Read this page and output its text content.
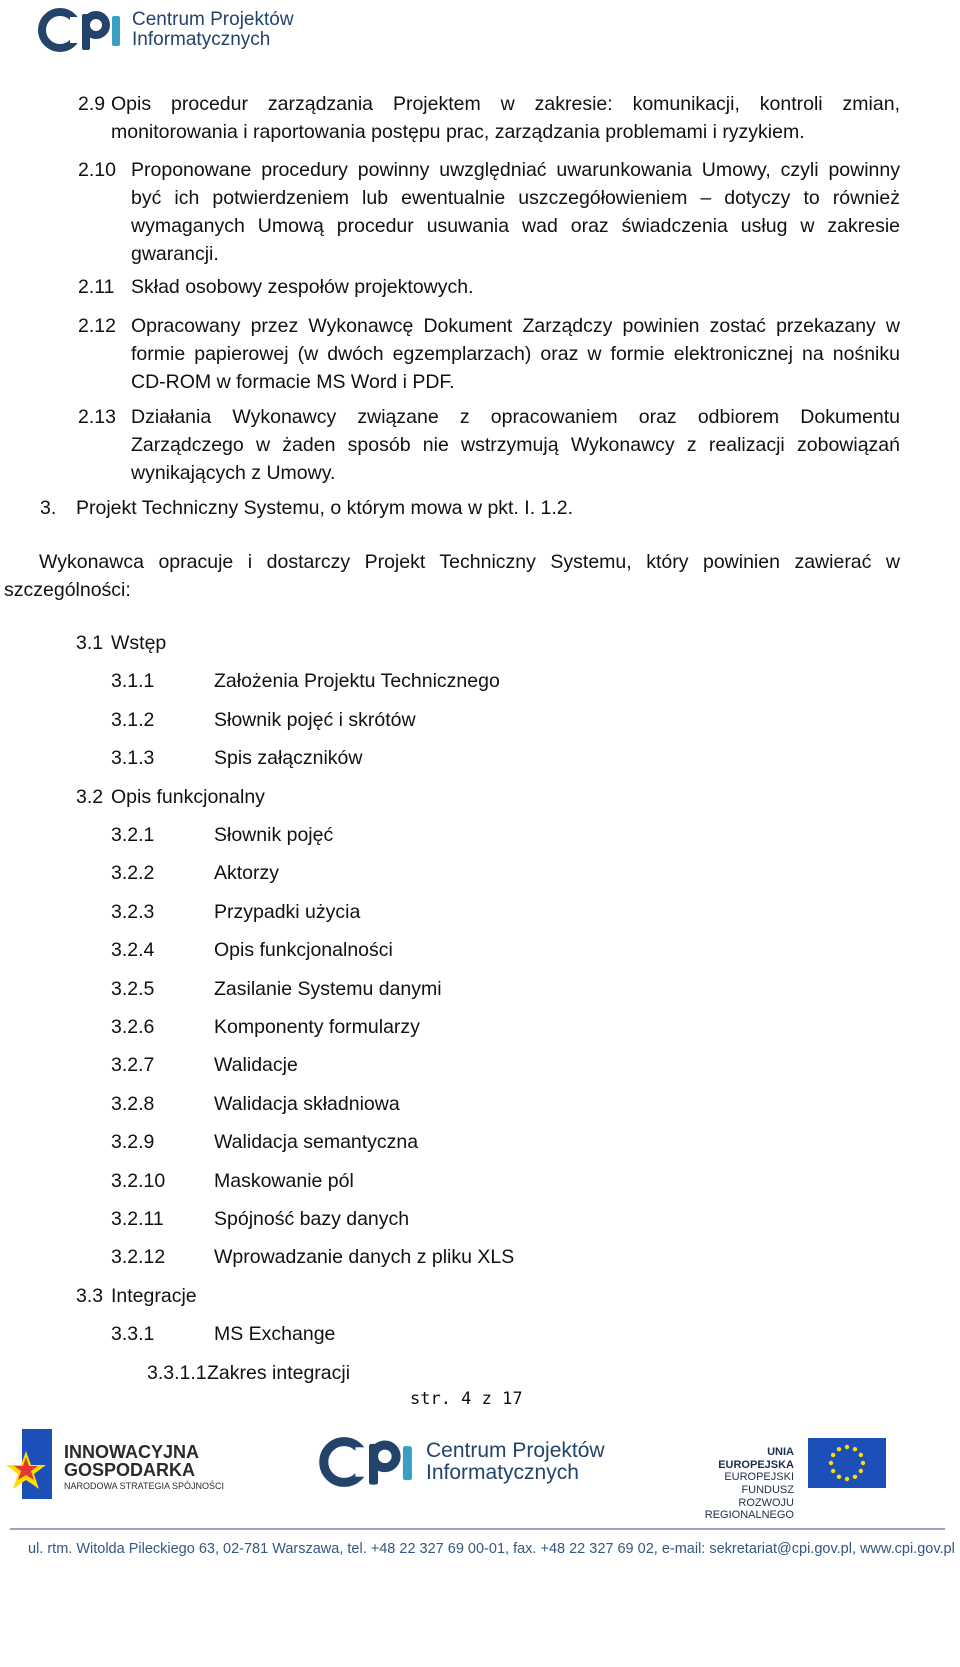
Centrum Projektów
Informatycznych
2.9 Opis procedur zarządzania Projektem w zakresie: komunikacji, kontroli zmian, monitorowania i raportowania postępu prac, zarządzania problemami i ryzykiem.

2.10 Proponowane procedury powinny uwzględniać uwarunkowania Umowy, czyli powinny być ich potwierdzeniem lub ewentualnie uszczegółowieniem – dotyczy to również wymaganych Umową procedur usuwania wad oraz świadczenia usług w zakresie gwarancji.

2.11 Skład osobowy zespołów projektowych.

2.12 Opracowany przez Wykonawcę Dokument Zarządczy powinien zostać przekazany w formie papierowej (w dwóch egzemplarzach) oraz w formie elektronicznej na nośniku CD-ROM w formacie MS Word i PDF.

2.13 Działania Wykonawcy związane z opracowaniem oraz odbiorem Dokumentu Zarządczego w żaden sposób nie wstrzymują Wykonawcy z realizacji zobowiązań wynikających z Umowy.

3. Projekt Techniczny Systemu, o którym mowa w pkt. I. 1.2.

Wykonawca opracuje i dostarczy Projekt Techniczny Systemu, który powinien zawierać w szczególności:

3.1 Wstęp
3.1.1	Założenia Projektu Technicznego
3.1.2	Słownik pojęć i skrótów
3.1.3	Spis załączników
3.2 Opis funkcjonalny
3.2.1	Słownik pojęć
3.2.2	Aktorzy
3.2.3	Przypadki użycia
3.2.4	Opis funkcjonalności
3.2.5	Zasilanie Systemu danymi
3.2.6	Komponenty formularzy
3.2.7	Walidacje
3.2.8	Walidacja składniowa
3.2.9	Walidacja semantyczna
3.2.10	Maskowanie pól
3.2.11	Spójność bazy danych
3.2.12	Wprowadzanie danych z pliku XLS
3.3 Integracje
3.3.1	MS Exchange
3.3.1.1 Zakres integracji
str. 4 z 17
INNOWACYJNA
GOSPODARKA
NARODOWA STRATEGIA SPÓJNOŚCI
Centrum Projektów
Informatycznych
UNIA EUROPEJSKA
EUROPEJSKI FUNDUSZ
ROZWOJU REGIONALNEGO
ul. rtm. Witolda Pileckiego 63, 02-781 Warszawa, tel. +48 22 327 69 00-01, fax. +48 22 327 69 02, e-mail: sekretariat@cpi.gov.pl, www.cpi.gov.pl
